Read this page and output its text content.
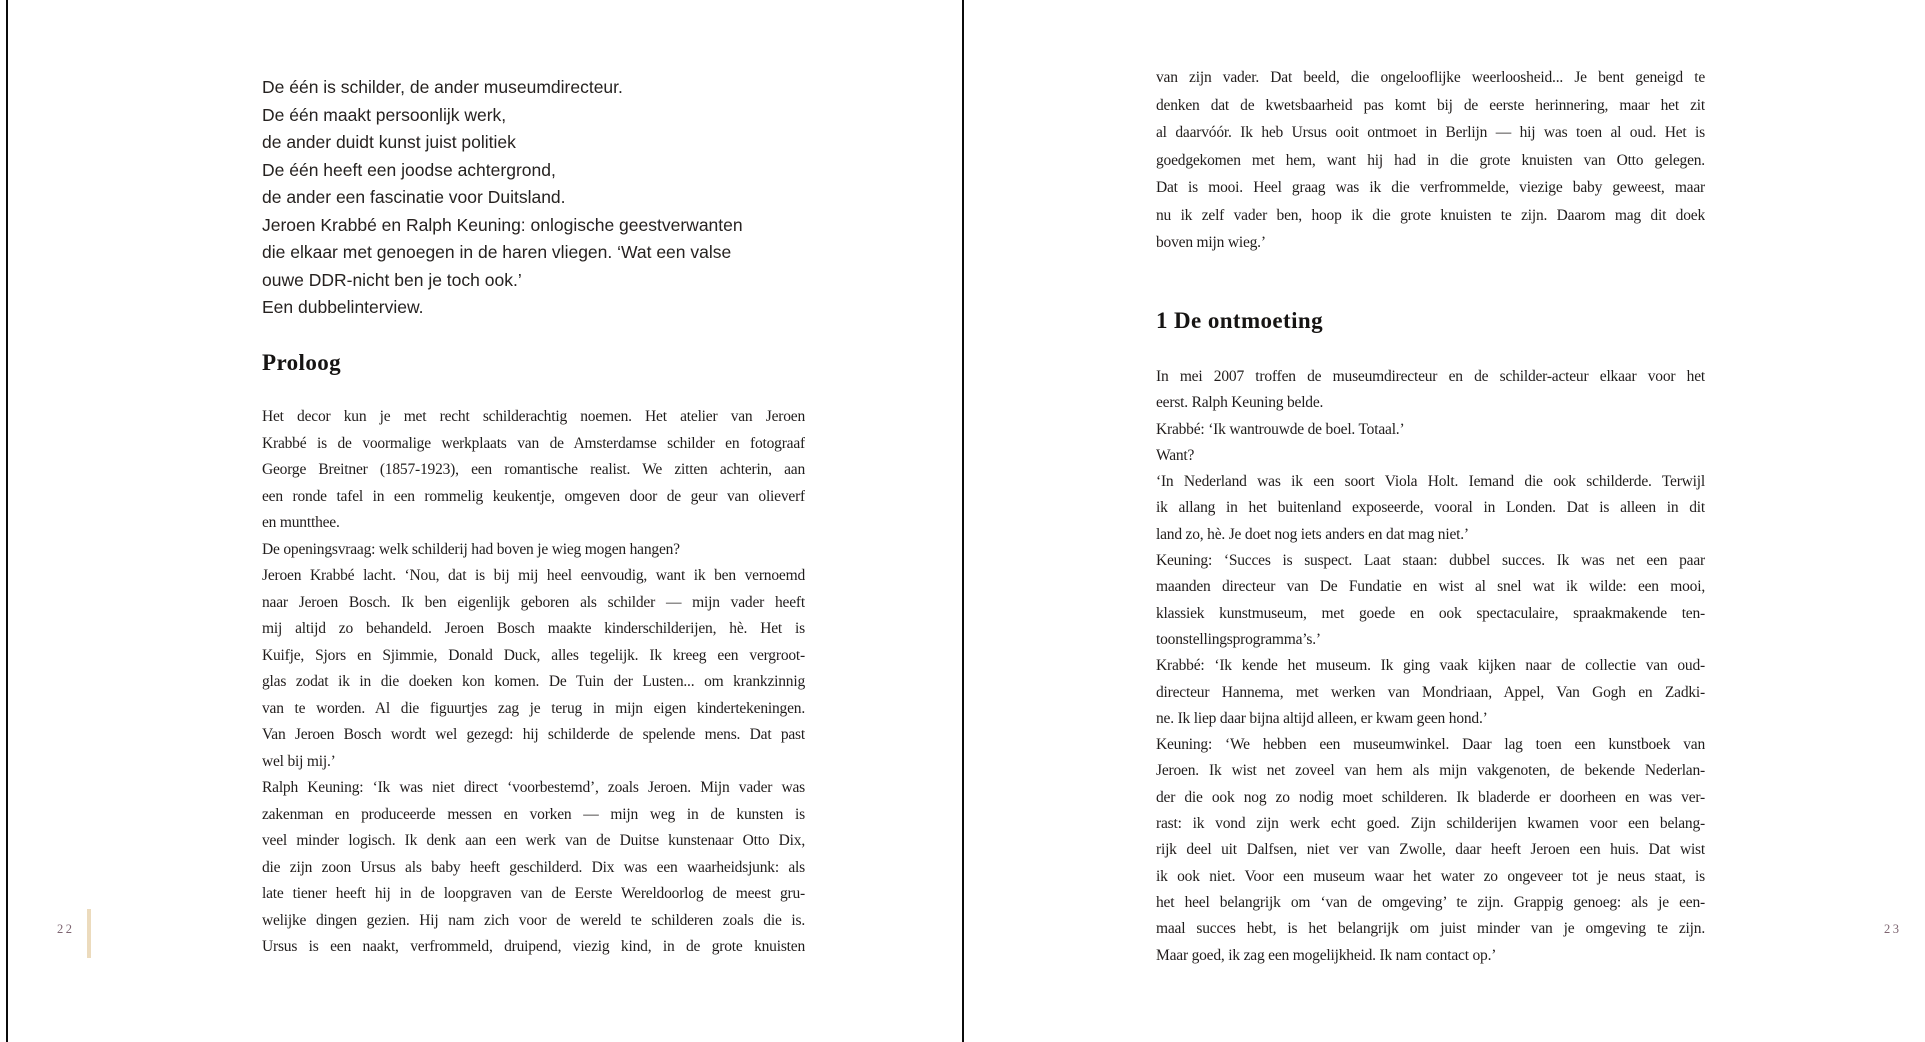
De één is schilder, de ander museumdirecteur.
De één maakt persoonlijk werk,
de ander duidt kunst juist politiek
De één heeft een joodse achtergrond,
de ander een fascinatie voor Duitsland.
Jeroen Krabbé en Ralph Keuning: onlogische geestverwanten
die elkaar met genoegen in de haren vliegen. ‘Wat een valse
ouwe DDR-nicht ben je toch ook.’
Een dubbelinterview.
Proloog
Het decor kun je met recht schilderachtig noemen. Het atelier van Jeroen
Krabbé is de voormalige werkplaats van de Amsterdamse schilder en fotograaf
George Breitner (1857-1923), een romantische realist. We zitten achterin, aan
een ronde tafel in een rommelig keukentje, omgeven door de geur van olieverf
en muntthee.
De openingsvraag: welk schilderij had boven je wieg mogen hangen?
Jeroen Krabbé lacht. ‘Nou, dat is bij mij heel eenvoudig, want ik ben vernoemd
naar Jeroen Bosch. Ik ben eigenlijk geboren als schilder — mijn vader heeft
mij altijd zo behandeld. Jeroen Bosch maakte kinderschilderijen, hè. Het is
Kuifje, Sjors en Sjimmie, Donald Duck, alles tegelijk. Ik kreeg een vergroot-
glas zodat ik in die doeken kon komen. De Tuin der Lusten... om krankzinnig
van te worden. Al die figuurtjes zag je terug in mijn eigen kindertekeningen.
Van Jeroen Bosch wordt wel gezegd: hij schilderde de spelende mens. Dat past
wel bij mij.’
Ralph Keuning: ‘Ik was niet direct ‘voorbestemd’, zoals Jeroen. Mijn vader was
zakenman en produceerde messen en vorken — mijn weg in de kunsten is
veel minder logisch. Ik denk aan een werk van de Duitse kunstenaar Otto Dix,
die zijn zoon Ursus als baby heeft geschilderd. Dix was een waarheidsjunk: als
late tiener heeft hij in de loopgraven van de Eerste Wereldoorlog de meest gru-
welijke dingen gezien. Hij nam zich voor de wereld te schilderen zoals die is.
Ursus is een naakt, verfrommeld, druipend, viezig kind, in de grote knuisten
22
van zijn vader. Dat beeld, die ongelooflijke weerloosheid... Je bent geneigd te
denken dat de kwetsbaarheid pas komt bij de eerste herinnering, maar het zit
al daarvóór. Ik heb Ursus ooit ontmoet in Berlijn — hij was toen al oud. Het is
goedgekomen met hem, want hij had in die grote knuisten van Otto gelegen.
Dat is mooi. Heel graag was ik die verfrommelde, viezige baby geweest, maar
nu ik zelf vader ben, hoop ik die grote knuisten te zijn. Daarom mag dit doek
boven mijn wieg.’
1 De ontmoeting
In mei 2007 troffen de museumdirecteur en de schilder-acteur elkaar voor het
eerst. Ralph Keuning belde.
Krabbé: ‘Ik wantrouwde de boel. Totaal.’
Want?
‘In Nederland was ik een soort Viola Holt. Iemand die ook schilderde. Terwijl
ik allang in het buitenland exposeerde, vooral in Londen. Dat is alleen in dit
land zo, hè. Je doet nog iets anders en dat mag niet.’
Keuning: ‘Succes is suspect. Laat staan: dubbel succes. Ik was net een paar
maanden directeur van De Fundatie en wist al snel wat ik wilde: een mooi,
klassiek kunstmuseum, met goede en ook spectaculaire, spraakmakende ten-
toonstellingsprogramma’s.’
Krabbé: ‘Ik kende het museum. Ik ging vaak kijken naar de collectie van oud-
directeur Hannema, met werken van Mondriaan, Appel, Van Gogh en Zadki-
ne. Ik liep daar bijna altijd alleen, er kwam geen hond.’
Keuning: ‘We hebben een museumwinkel. Daar lag toen een kunstboek van
Jeroen. Ik wist net zoveel van hem als mijn vakgenoten, de bekende Nederlan-
der die ook nog zo nodig moet schilderen. Ik bladerde er doorheen en was ver-
rast: ik vond zijn werk echt goed. Zijn schilderijen kwamen voor een belang-
rijk deel uit Dalfsen, niet ver van Zwolle, daar heeft Jeroen een huis. Dat wist
ik ook niet. Voor een museum waar het water zo ongeveer tot je neus staat, is
het heel belangrijk om ‘van de omgeving’ te zijn. Grappig genoeg: als je een-
maal succes hebt, is het belangrijk om juist minder van je omgeving te zijn.
Maar goed, ik zag een mogelijkheid. Ik nam contact op.’
23
